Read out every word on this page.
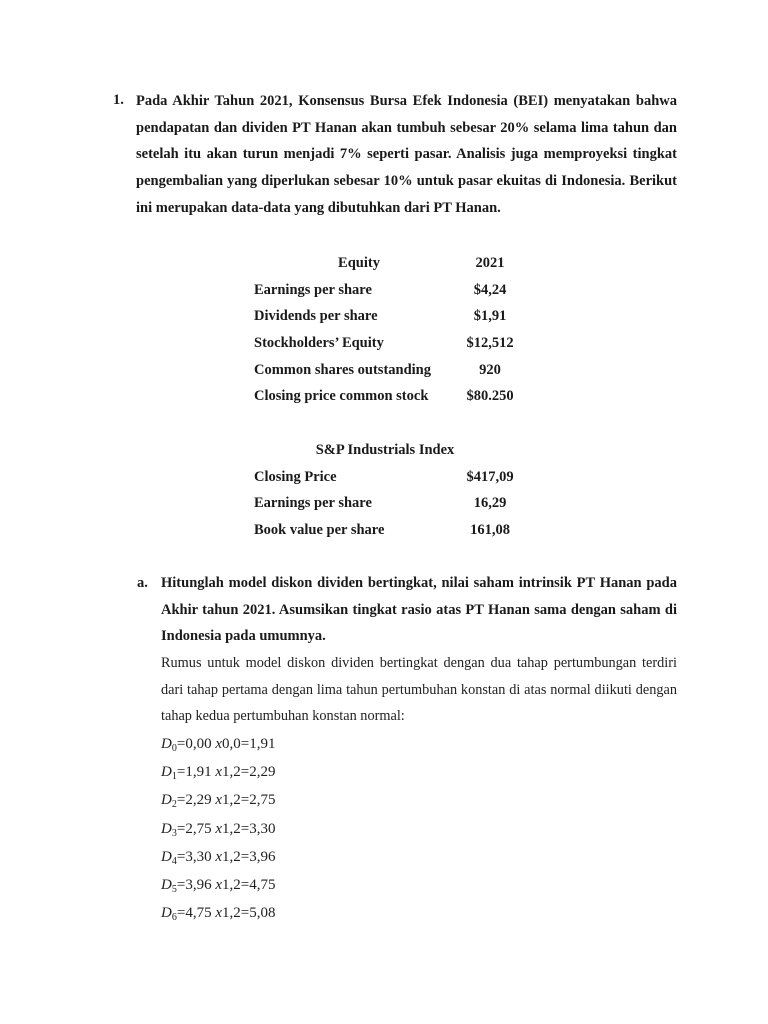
1. Pada Akhir Tahun 2021, Konsensus Bursa Efek Indonesia (BEI) menyatakan bahwa pendapatan dan dividen PT Hanan akan tumbuh sebesar 20% selama lima tahun dan setelah itu akan turun menjadi 7% seperti pasar. Analisis juga memproyeksi tingkat pengembalian yang diperlukan sebesar 10% untuk pasar ekuitas di Indonesia. Berikut ini merupakan data-data yang dibutuhkan dari PT Hanan.

Equity	2021
Earnings per share	$4,24
Dividends per share	$1,91
Stockholders’ Equity	$12,512
Common shares outstanding	920
Closing price common stock	$80.250
S&P Industrials Index	
Closing Price	$417,09
Earnings per share	16,29
Book value per share	161,08
a. Hitunglah model diskon dividen bertingkat, nilai saham intrinsik PT Hanan pada Akhir tahun 2021. Asumsikan tingkat rasio atas PT Hanan sama dengan saham di Indonesia pada umumnya.

Rumus untuk model diskon dividen bertingkat dengan dua tahap pertumbungan terdiri dari tahap pertama dengan lima tahun pertumbuhan konstan di atas normal diikuti dengan tahap kedua pertumbuhan konstan normal:

$D_0=0,00$ x0,0=1,91
$D_1=1,91$ x1,2=2,29
$D_2=2,29$ x1,2=2,75
$D_3=2,75$ x1,2=3,30
$D_4=3,30$ x1,2=3,96
$D_5=3,96$ x1,2=4,75
$D_6=4,75$ x1,2=5,08
